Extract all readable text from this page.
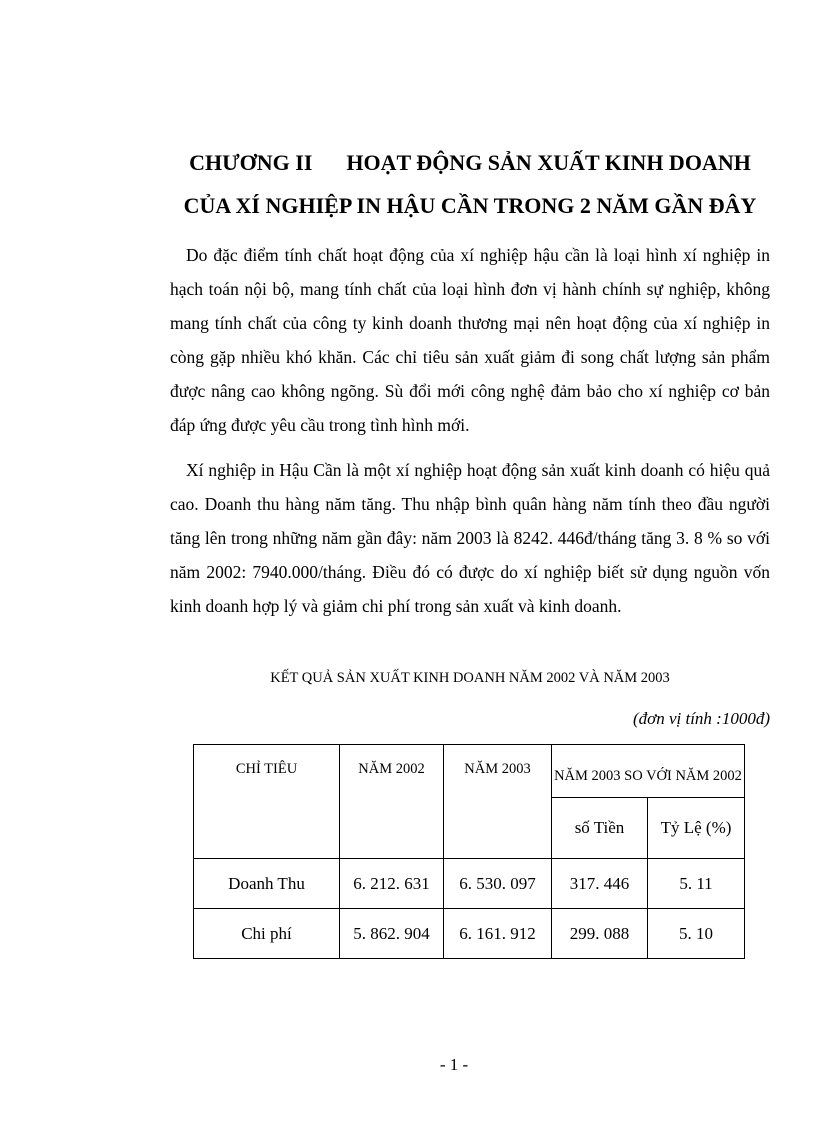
CHƯƠNG II HOẠT ĐỘNG SẢN XUẤT KINH DOANH
CỦA XÍ NGHIỆP IN HẬU CẦN TRONG 2 NĂM GẦN ĐÂY

Do đặc điểm tính chất hoạt động của xí nghiệp hậu cần là loại hình xí nghiệp in hạch toán nội bộ, mang tính chất của loại hình đơn vị hành chính sự nghiệp, không mang tính chất của công ty kinh doanh thương mại nên hoạt động của xí nghiệp in còng gặp nhiều khó khăn. Các chỉ tiêu sản xuất giảm đi song chất lượng sản phẩm được nâng cao không ngõng. Sù đổi mới công nghệ đảm bảo cho xí nghiệp cơ bản đáp ứng được yêu cầu trong tình hình mới.

Xí nghiệp in Hậu Cần là một xí nghiệp hoạt động sản xuất kinh doanh có hiệu quả cao. Doanh thu hàng năm tăng. Thu nhập bình quân hàng năm tính theo đầu người tăng lên trong những năm gần đây: năm 2003 là 8242. 446đ/tháng tăng 3. 8 % so với năm 2002: 7940.000/tháng. Điều đó có được do xí nghiệp biết sử dụng nguồn vốn kinh doanh hợp lý và giảm chi phí trong sản xuất và kinh doanh.

KẾT QUẢ SẢN XUẤT KINH DOANH NĂM 2002 VÀ NĂM 2003
(đơn vị tính :1000đ)
CHỈ TIÊU	NĂM 2002	NĂM 2003	NĂM 2003 SO VỚI NĂM 2002	
			số Tiền	Tỷ Lệ (%)
Doanh Thu	6. 212. 631	6. 530. 097	317. 446	5. 11
Chi phí	5. 862. 904	6. 161. 912	299. 088	5. 10
- 1 -
